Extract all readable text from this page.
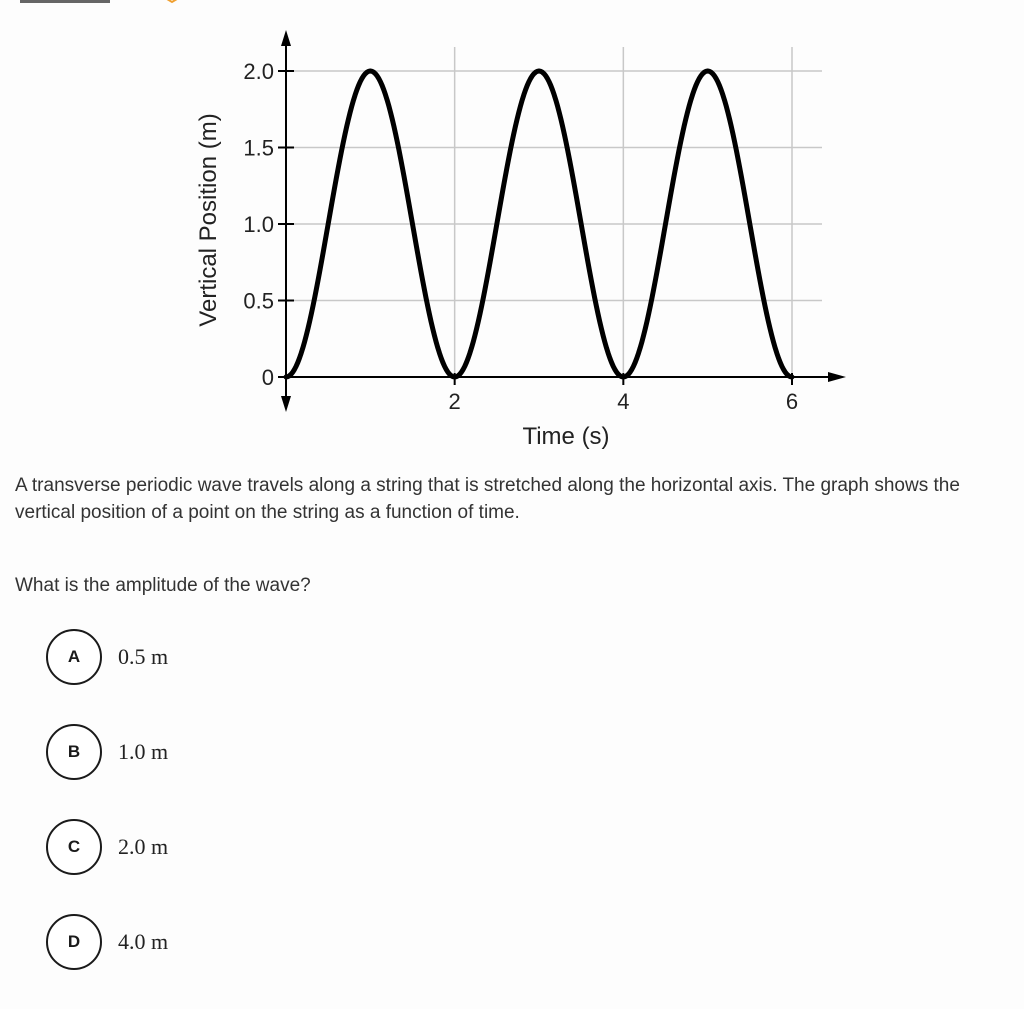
0
0.5
1.0
1.5
2.0
2	4	6
Vertical Position (m)
Time (s)

A transverse periodic wave travels along a string that is stretched along the horizontal axis. The graph shows the vertical position of a point on the string as a function of time.

What is the amplitude of the wave?

A	0.5 m
B	1.0 m
C	2.0 m
D	4.0 m
